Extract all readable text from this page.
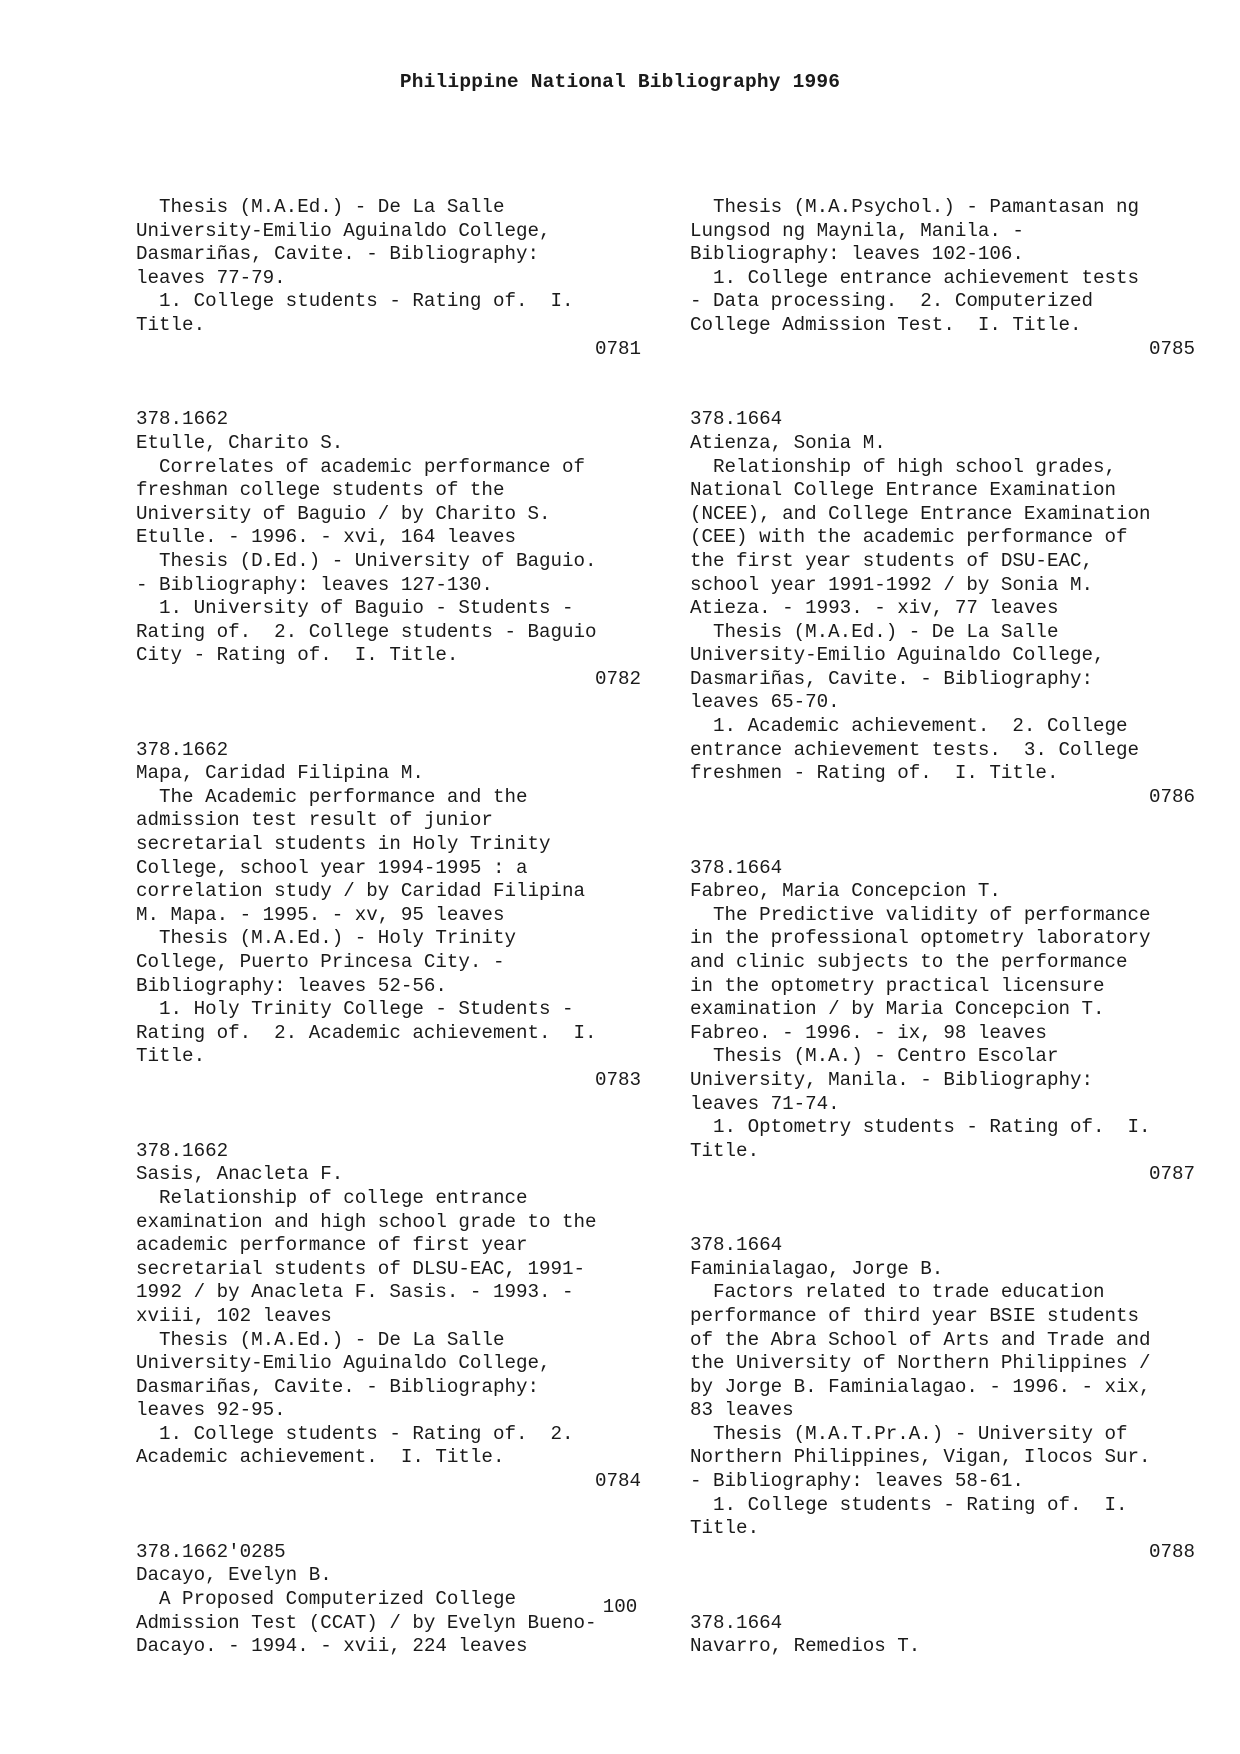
Philippine National Bibliography 1996
Thesis (M.A.Ed.) - De La Salle
University-Emilio Aguinaldo College,
Dasmariñas, Cavite. - Bibliography:
leaves 77-79.
1. College students - Rating of.  I.
Title.
0781
378.1662
Etulle, Charito S.
Correlates of academic performance of
freshman college students of the
University of Baguio / by Charito S.
Etulle. - 1996. - xvi, 164 leaves
Thesis (D.Ed.) - University of Baguio.
- Bibliography: leaves 127-130.
1. University of Baguio - Students -
Rating of.  2. College students - Baguio
City - Rating of.  I. Title.
0782
378.1662
Mapa, Caridad Filipina M.
The Academic performance and the
admission test result of junior
secretarial students in Holy Trinity
College, school year 1994-1995 : a
correlation study / by Caridad Filipina
M. Mapa. - 1995. - xv, 95 leaves
Thesis (M.A.Ed.) - Holy Trinity
College, Puerto Princesa City. -
Bibliography: leaves 52-56.
1. Holy Trinity College - Students -
Rating of.  2. Academic achievement.  I.
Title.
0783
378.1662
Sasis, Anacleta F.
Relationship of college entrance
examination and high school grade to the
academic performance of first year
secretarial students of DLSU-EAC, 1991-
1992 / by Anacleta F. Sasis. - 1993. -
xviii, 102 leaves
Thesis (M.A.Ed.) - De La Salle
University-Emilio Aguinaldo College,
Dasmariñas, Cavite. - Bibliography:
leaves 92-95.
1. College students - Rating of.  2.
Academic achievement.  I. Title.
0784
378.1662'0285
Dacayo, Evelyn B.
A Proposed Computerized College
Admission Test (CCAT) / by Evelyn Bueno-
Dacayo. - 1994. - xvii, 224 leaves
Thesis (M.A.Psychol.) - Pamantasan ng
Lungsod ng Maynila, Manila. -
Bibliography: leaves 102-106.
1. College entrance achievement tests
- Data processing.  2. Computerized
College Admission Test.  I. Title.
0785
378.1664
Atienza, Sonia M.
Relationship of high school grades,
National College Entrance Examination
(NCEE), and College Entrance Examination
(CEE) with the academic performance of
the first year students of DSU-EAC,
school year 1991-1992 / by Sonia M.
Atieza. - 1993. - xiv, 77 leaves
Thesis (M.A.Ed.) - De La Salle
University-Emilio Aguinaldo College,
Dasmariñas, Cavite. - Bibliography:
leaves 65-70.
1. Academic achievement.  2. College
entrance achievement tests.  3. College
freshmen - Rating of.  I. Title.
0786
378.1664
Fabreo, Maria Concepcion T.
The Predictive validity of performance
in the professional optometry laboratory
and clinic subjects to the performance
in the optometry practical licensure
examination / by Maria Concepcion T.
Fabreo. - 1996. - ix, 98 leaves
Thesis (M.A.) - Centro Escolar
University, Manila. - Bibliography:
leaves 71-74.
1. Optometry students - Rating of.  I.
Title.
0787
378.1664
Faminialagao, Jorge B.
Factors related to trade education
performance of third year BSIE students
of the Abra School of Arts and Trade and
the University of Northern Philippines /
by Jorge B. Faminialagao. - 1996. - xix,
83 leaves
Thesis (M.A.T.Pr.A.) - University of
Northern Philippines, Vigan, Ilocos Sur.
- Bibliography: leaves 58-61.
1. College students - Rating of.  I.
Title.
0788
378.1664
Navarro, Remedios T.
100
